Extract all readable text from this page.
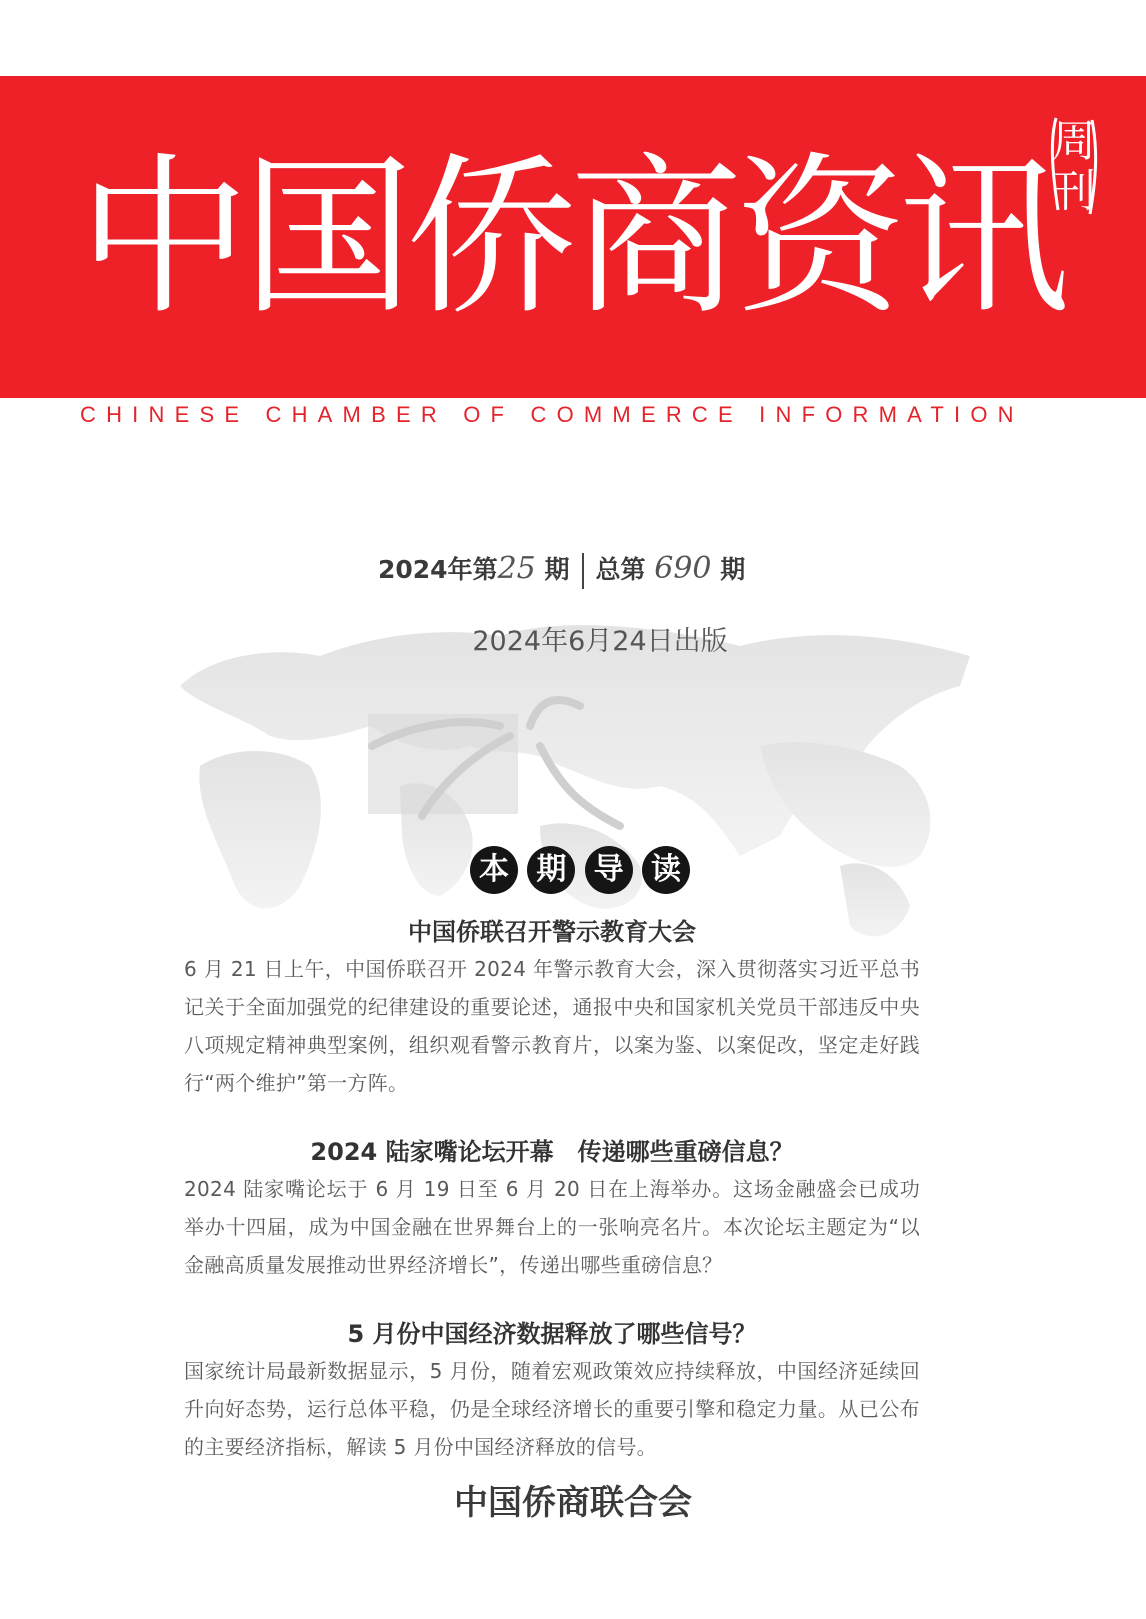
中国侨商资讯
周
刊
CHINESE CHAMBER OF COMMERCE INFORMATION
2024年第25 期 总第 690 期
2024年6月24日出版
本 期 导 读
中国侨联召开警示教育大会

6 月 21 日上午，中国侨联召开 2024 年警示教育大会，深入贯彻落实习近平总书记关于全面加强党的纪律建设的重要论述，通报中央和国家机关党员干部违反中央八项规定精神典型案例，组织观看警示教育片，以案为鉴、以案促改，坚定走好践行“两个维护”第一方阵。

2024 陆家嘴论坛开幕　传递哪些重磅信息？

2024 陆家嘴论坛于 6 月 19 日至 6 月 20 日在上海举办。这场金融盛会已成功举办十四届，成为中国金融在世界舞台上的一张响亮名片。本次论坛主题定为“以金融高质量发展推动世界经济增长”，传递出哪些重磅信息？

5 月份中国经济数据释放了哪些信号？

国家统计局最新数据显示，5 月份，随着宏观政策效应持续释放，中国经济延续回升向好态势，运行总体平稳，仍是全球经济增长的重要引擎和稳定力量。从已公布的主要经济指标，解读 5 月份中国经济释放的信号。

中国侨商联合会
